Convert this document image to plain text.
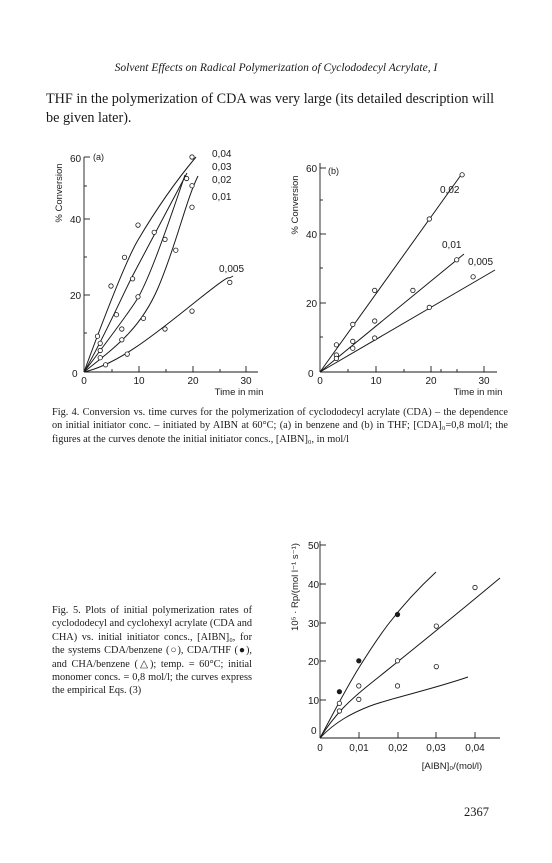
Solvent Effects on Radical Polymerization of Cyclododecyl Acrylate, I
THF in the polymerization of CDA was very large (its detailed description will be given later).
60
40
20
0
0	10	20	30
Time in min
% Conversion
(a)	0,04
0,03
0,02
0,01
0,005
60
40
20
0
0	10	20	30
Time in min
% Conversion
(b)
0,02
0,01
0,005
50
40
30
20
10
0
0	0,01 0,02 0,03 0,04
[AIBN]₀/(mol/l)
10⁵ · Rp/(mol l⁻¹ s⁻¹)
Fig. 4. Conversion vs. time curves for the polymerization of cyclododecyl acrylate (CDA) – the dependence on initial initiator conc. – initiated by AIBN at 60°C; (a) in benzene and (b) in THF; [CDA]₀=0,8 mol/l; the figures at the curves denote the initial initiator concs., [AIBN]₀, in mol/l
Fig. 5. Plots of initial polymerization rates of cyclododecyl and cyclohexyl acrylate (CDA and CHA) vs. initial initiator concs., [AIBN]₀, for the systems CDA/benzene (○), CDA/THF (●), and CHA/benzene (△); temp. = 60°C; initial monomer concs. = 0,8 mol/l; the curves express the empirical Eqs. (3)
2367
